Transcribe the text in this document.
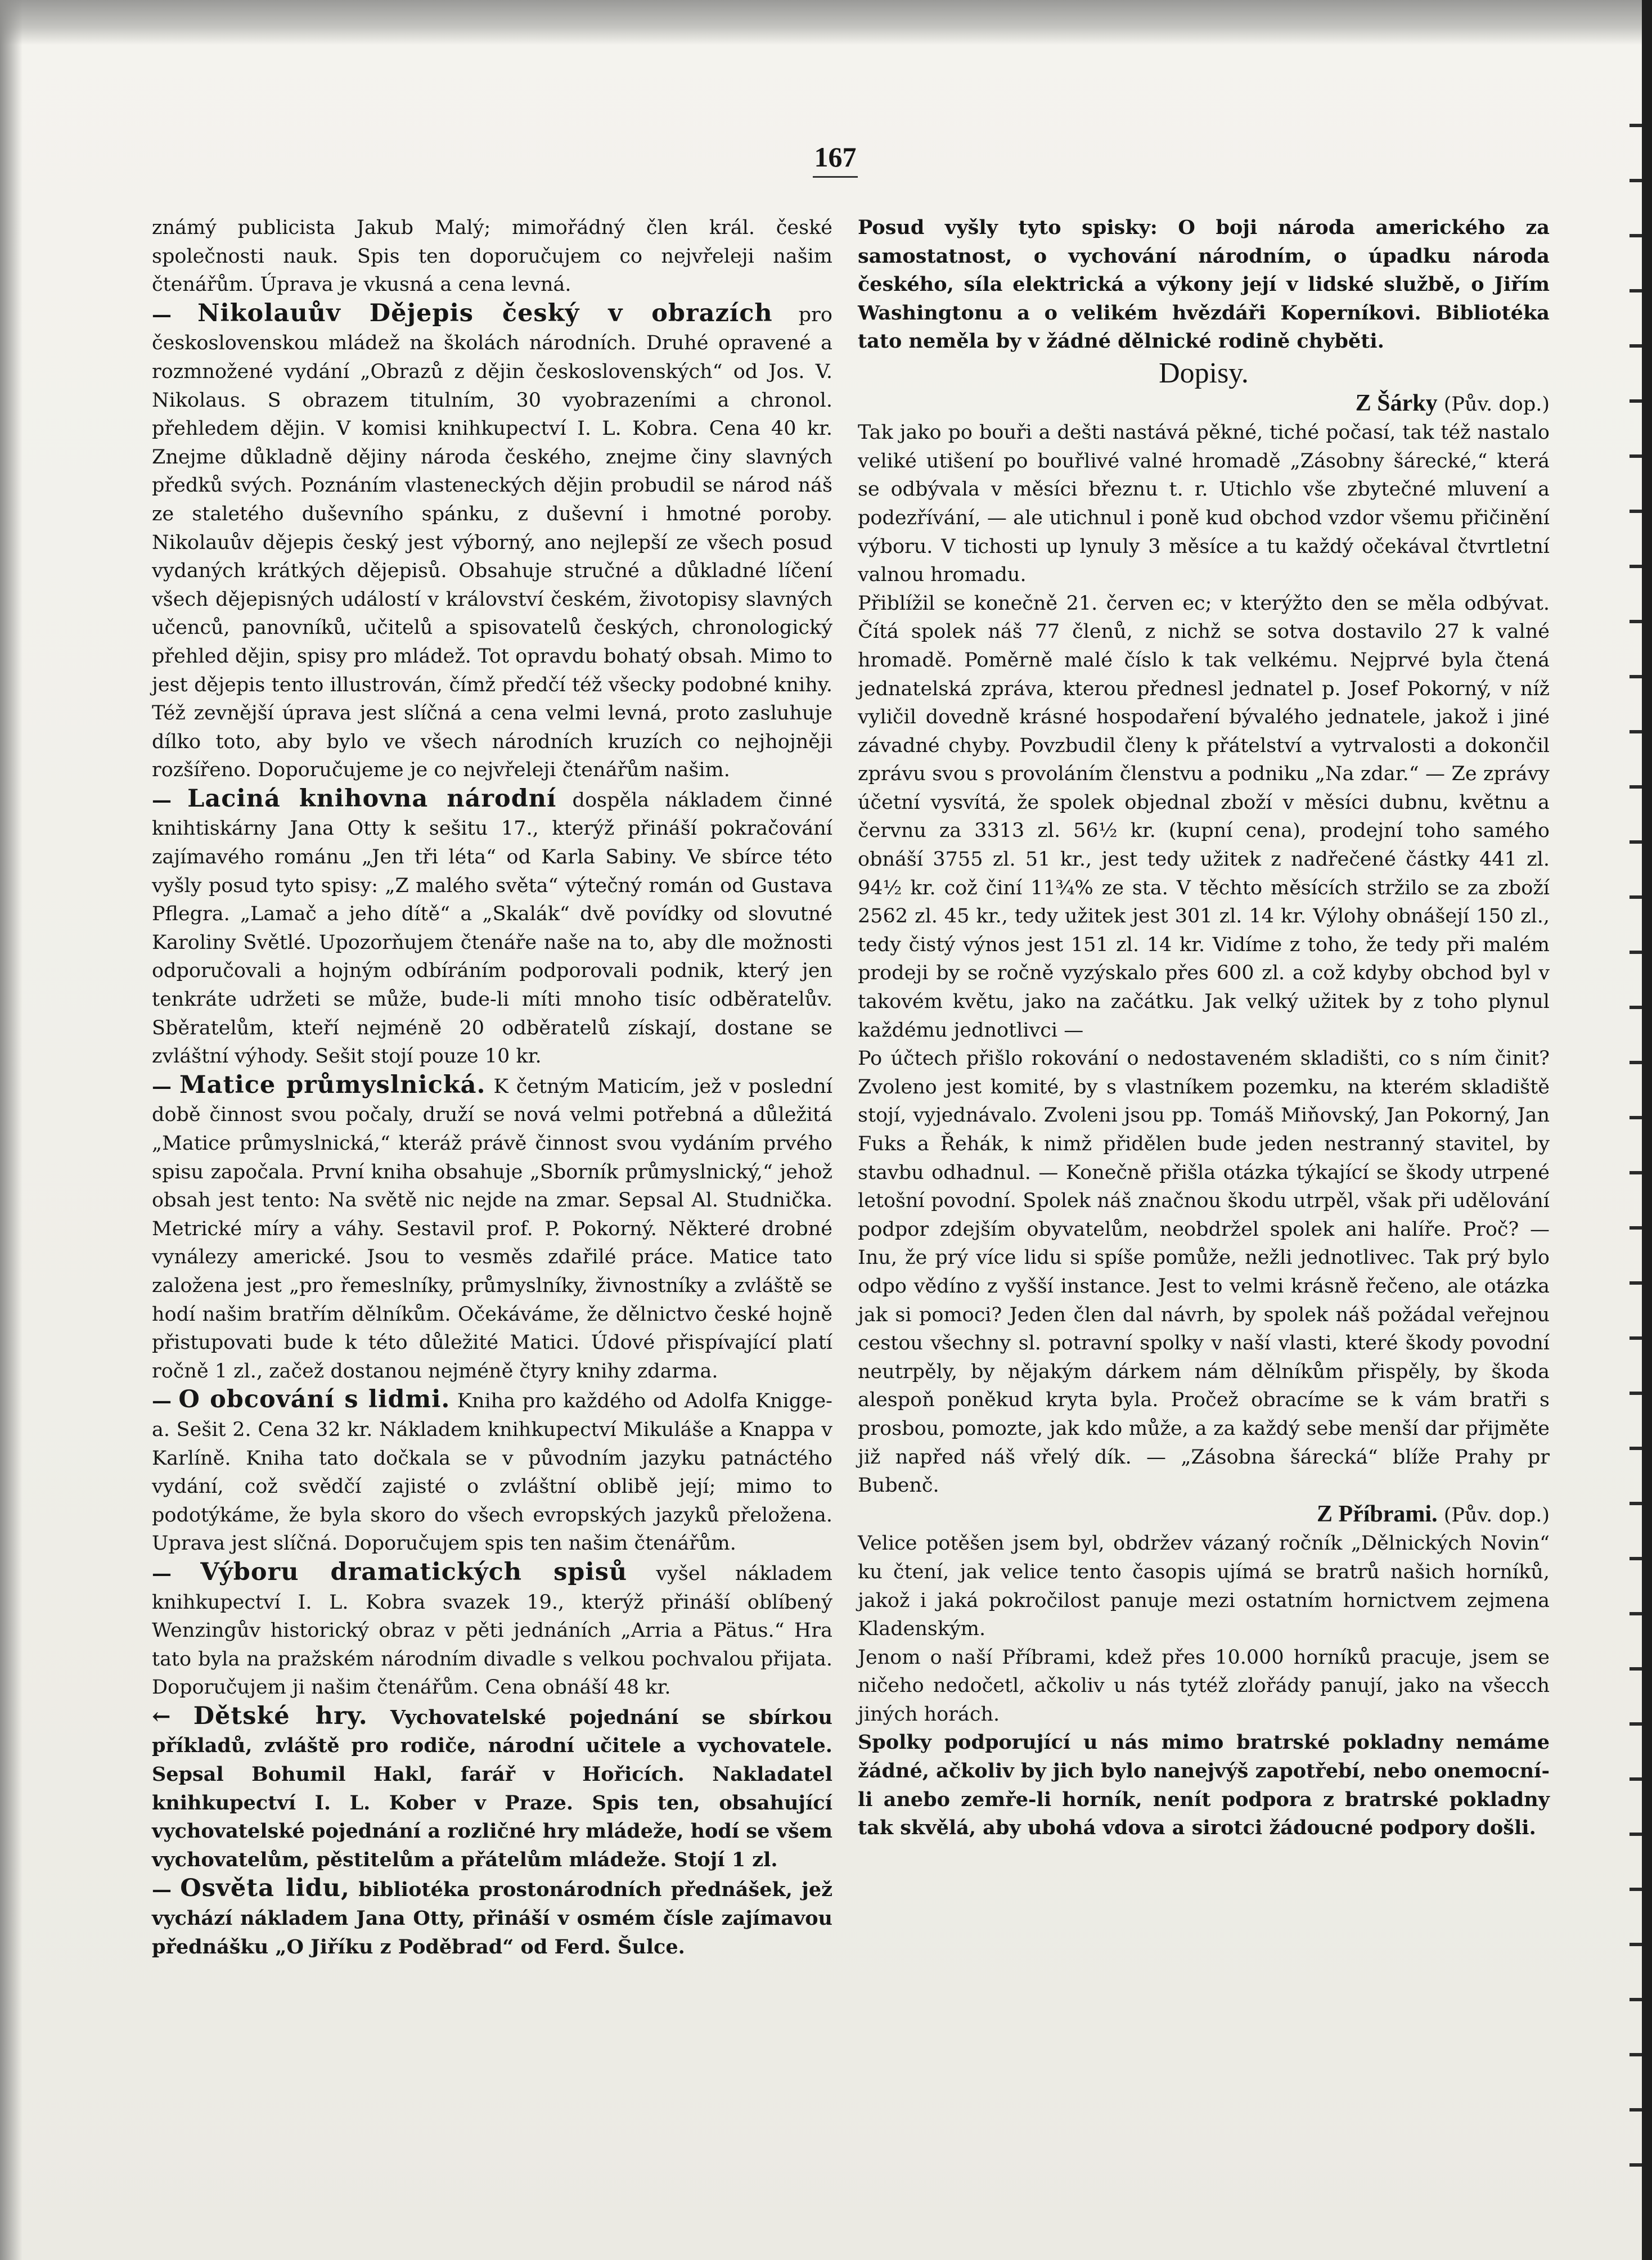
167

známý publicista Jakub Malý; mimořádný člen král. české společnosti nauk. Spis ten doporučujem co nejvřeleji našim čtenářům. Úprava je vkusná a cena levná.

— Nikolauův Dějepis český v obrazích pro československou mládež na školách národních. Druhé opravené a rozmnožené vydání „Obrazů z dějin československých“ od Jos. V. Nikolaus. S obrazem titulním, 30 vyobrazeními a chronol. přehledem dějin. V komisi knihkupectví I. L. Kobra. Cena 40 kr. Znejme důkladně dějiny národa českého, znejme činy slavných předků svých. Poznáním vlasteneckých dějin probudil se národ náš ze staletého duševního spánku, z duševní i hmotné poroby. Nikolauův dějepis český jest výborný, ano nejlepší ze všech posud vydaných krátkých dějepisů. Obsahuje stručné a důkladné líčení všech dějepisných událostí v království českém, životopisy slavných učenců, panovníků, učitelů a spisovatelů českých, chronologický přehled dějin, spisy pro mládež. Tot opravdu bohatý obsah. Mimo to jest dějepis tento illustrován, čímž předčí též všecky podobné knihy. Též zevnější úprava jest slíčná a cena velmi levná, proto zasluhuje dílko toto, aby bylo ve všech národních kruzích co nejhojněji rozšířeno. Doporučujeme je co nejvřeleji čtenářům našim.

— Laciná knihovna národní dospěla nákladem činné knihtiskárny Jana Otty k sešitu 17., kterýž přináší pokračování zajímavého románu „Jen tři léta“ od Karla Sabiny. Ve sbírce této vyšly posud tyto spisy: „Z malého světa“ výtečný román od Gustava Pflegra. „Lamač a jeho dítě“ a „Skalák“ dvě povídky od slovutné Karoliny Světlé. Upozorňujem čtenáře naše na to, aby dle možnosti odporučovali a hojným odbíráním podporovali podnik, který jen tenkráte udržeti se může, bude-li míti mnoho tisíc odběratelův. Sběratelům, kteří nejméně 20 odběratelů získají, dostane se zvláštní výhody. Sešit stojí pouze 10 kr.

— Matice průmyslnická. K četným Maticím, jež v poslední době činnost svou počaly, druží se nová velmi potřebná a důležitá „Matice průmyslnická,“ kteráž právě činnost svou vydáním prvého spisu započala. První kniha obsahuje „Sborník průmyslnický,“ jehož obsah jest tento: Na světě nic nejde na zmar. Sepsal Al. Studnička. Metrické míry a váhy. Sestavil prof. P. Pokorný. Některé drobné vynálezy americké. Jsou to vesměs zdařilé práce. Matice tato založena jest „pro řemeslníky, průmyslníky, živnostníky a zvláště se hodí našim bratřím dělníkům. Očekáváme, že dělnictvo české hojně přistupovati bude k této důležité Matici. Údové přispívající platí ročně 1 zl., začež dostanou nejméně čtyry knihy zdarma.

— O obcování s lidmi. Kniha pro každého od Adolfa Knigge-a. Sešit 2. Cena 32 kr. Nákladem knihkupectví Mikuláše a Knappa v Karlíně. Kniha tato dočkala se v původním jazyku patnáctého vydání, což svědčí zajisté o zvláštní oblibě její; mimo to podotýkáme, že byla skoro do všech evropských jazyků přeložena. Uprava jest slíčná. Doporučujem spis ten našim čtenářům.

— Výboru dramatických spisů vyšel nákladem knihkupectví I. L. Kobra svazek 19., kterýž přináší oblíbený Wenzingův historický obraz v pěti jednáních „Arria a Pätus.“ Hra tato byla na pražském národním divadle s velkou pochvalou přijata. Doporučujem ji našim čtenářům. Cena obnáší 48 kr.

← Dětské hry. Vychovatelské pojednání se sbírkou příkladů, zvláště pro rodiče, národní učitele a vychovatele. Sepsal Bohumil Hakl, farář v Hořicích. Nakladatel knihkupectví I. L. Kober v Praze. Spis ten, obsahující vychovatelské pojednání a rozličné hry mládeže, hodí se všem vychovatelům, pěstitelům a přátelům mládeže. Stojí 1 zl.

— Osvěta lidu, bibliotéka prostonárodních přednášek, jež vychází nákladem Jana Otty, přináší v osmém čísle zajímavou přednášku „O Jiříku z Poděbrad“ od Ferd. Šulce.

Posud vyšly tyto spisky: O boji národa amerického za samostatnost, o vychování národním, o úpadku národa českého, síla elektrická a výkony její v lidské službě, o Jiřím Washingtonu a o velikém hvězdáři Koperníkovi. Bibliotéka tato neměla by v žádné dělnické rodině chyběti.

Dopisy.

Z Šárky (Pův. dop.)

Tak jako po bouři a dešti nastává pěkné, tiché počasí, tak též nastalo veliké utišení po bouřlivé valné hromadě „Zásobny šárecké,“ která se odbývala v měsíci březnu t. r. Utichlo vše zbytečné mluvení a podezřívání, — ale utichnul i poně kud obchod vzdor všemu přičinění výboru. V tichosti up lynuly 3 měsíce a tu každý očekával čtvrtletní valnou hromadu.

Přiblížil se konečně 21. červen ec; v kterýžto den se měla odbývat. Čítá spolek náš 77 členů, z nichž se sotva dostavilo 27 k valné hromadě. Poměrně malé číslo k tak velkému. Nejprvé byla čtená jednatelská zpráva, kterou přednesl jednatel p. Josef Pokorný, v níž vyličil dovedně krásné hospodaření bývalého jednatele, jakož i jiné závadné chyby. Povzbudil členy k přátelství a vytrvalosti a dokončil zprávu svou s provoláním členstvu a podniku „Na zdar.“ — Ze zprávy účetní vysvítá, že spolek objednal zboží v měsíci dubnu, květnu a červnu za 3313 zl. 56½ kr. (kupní cena), prodejní toho samého obnáší 3755 zl. 51 kr., jest tedy užitek z nadřečené částky 441 zl. 94½ kr. což činí 11¾% ze sta. V těchto měsících stržilo se za zboží 2562 zl. 45 kr., tedy užitek jest 301 zl. 14 kr. Výlohy obnášejí 150 zl., tedy čistý výnos jest 151 zl. 14 kr. Vidíme z toho, že tedy při malém prodeji by se ročně vyzýskalo přes 600 zl. a což kdyby obchod byl v takovém květu, jako na začátku. Jak velký užitek by z toho plynul každému jednotlivci —

Po účtech přišlo rokování o nedostaveném skladišti, co s ním činit? Zvoleno jest komité, by s vlastníkem pozemku, na kterém skladiště stojí, vyjednávalo. Zvoleni jsou pp. Tomáš Miňovský, Jan Pokorný, Jan Fuks a Řehák, k nimž přidělen bude jeden nestranný stavitel, by stavbu odhadnul. — Konečně přišla otázka týkající se škody utrpené letošní povodní. Spolek náš značnou škodu utrpěl, však při udělování podpor zdejším obyvatelům, neobdržel spolek ani halíře. Proč? — Inu, že prý více lidu si spíše pomůže, nežli jednotlivec. Tak prý bylo odpo vědíno z vyšší instance. Jest to velmi krásně řečeno, ale otázka jak si pomoci? Jeden člen dal návrh, by spolek náš požádal veřejnou cestou všechny sl. potravní spolky v naší vlasti, které škody povodní neutrpěly, by nějakým dárkem nám dělníkům přispěly, by škoda alespoň poněkud kryta byla. Pročež obracíme se k vám bratři s prosbou, pomozte, jak kdo může, a za každý sebe menší dar přijměte již napřed náš vřelý dík. — „Zásobna šárecká“ blíže Prahy pr Bubenč.

Z Příbrami. (Pův. dop.)

Velice potěšen jsem byl, obdržev vázaný ročník „Dělnických Novin“ ku čtení, jak velice tento časopis ujímá se bratrů našich horníků, jakož i jaká pokročilost panuje mezi ostatním hornictvem zejmena Kladenským.

Jenom o naší Příbrami, kdež přes 10.000 horníků pracuje, jsem se ničeho nedočetl, ačkoliv u nás tytéž zlořády panují, jako na všecch jiných horách.

Spolky podporující u nás mimo bratrské pokladny nemáme žádné, ačkoliv by jich bylo nanejvýš zapotřebí, nebo onemocní-li anebo zemře-li horník, nenít podpora z bratrské pokladny tak skvělá, aby ubohá vdova a sirotci žádoucné podpory došli.
